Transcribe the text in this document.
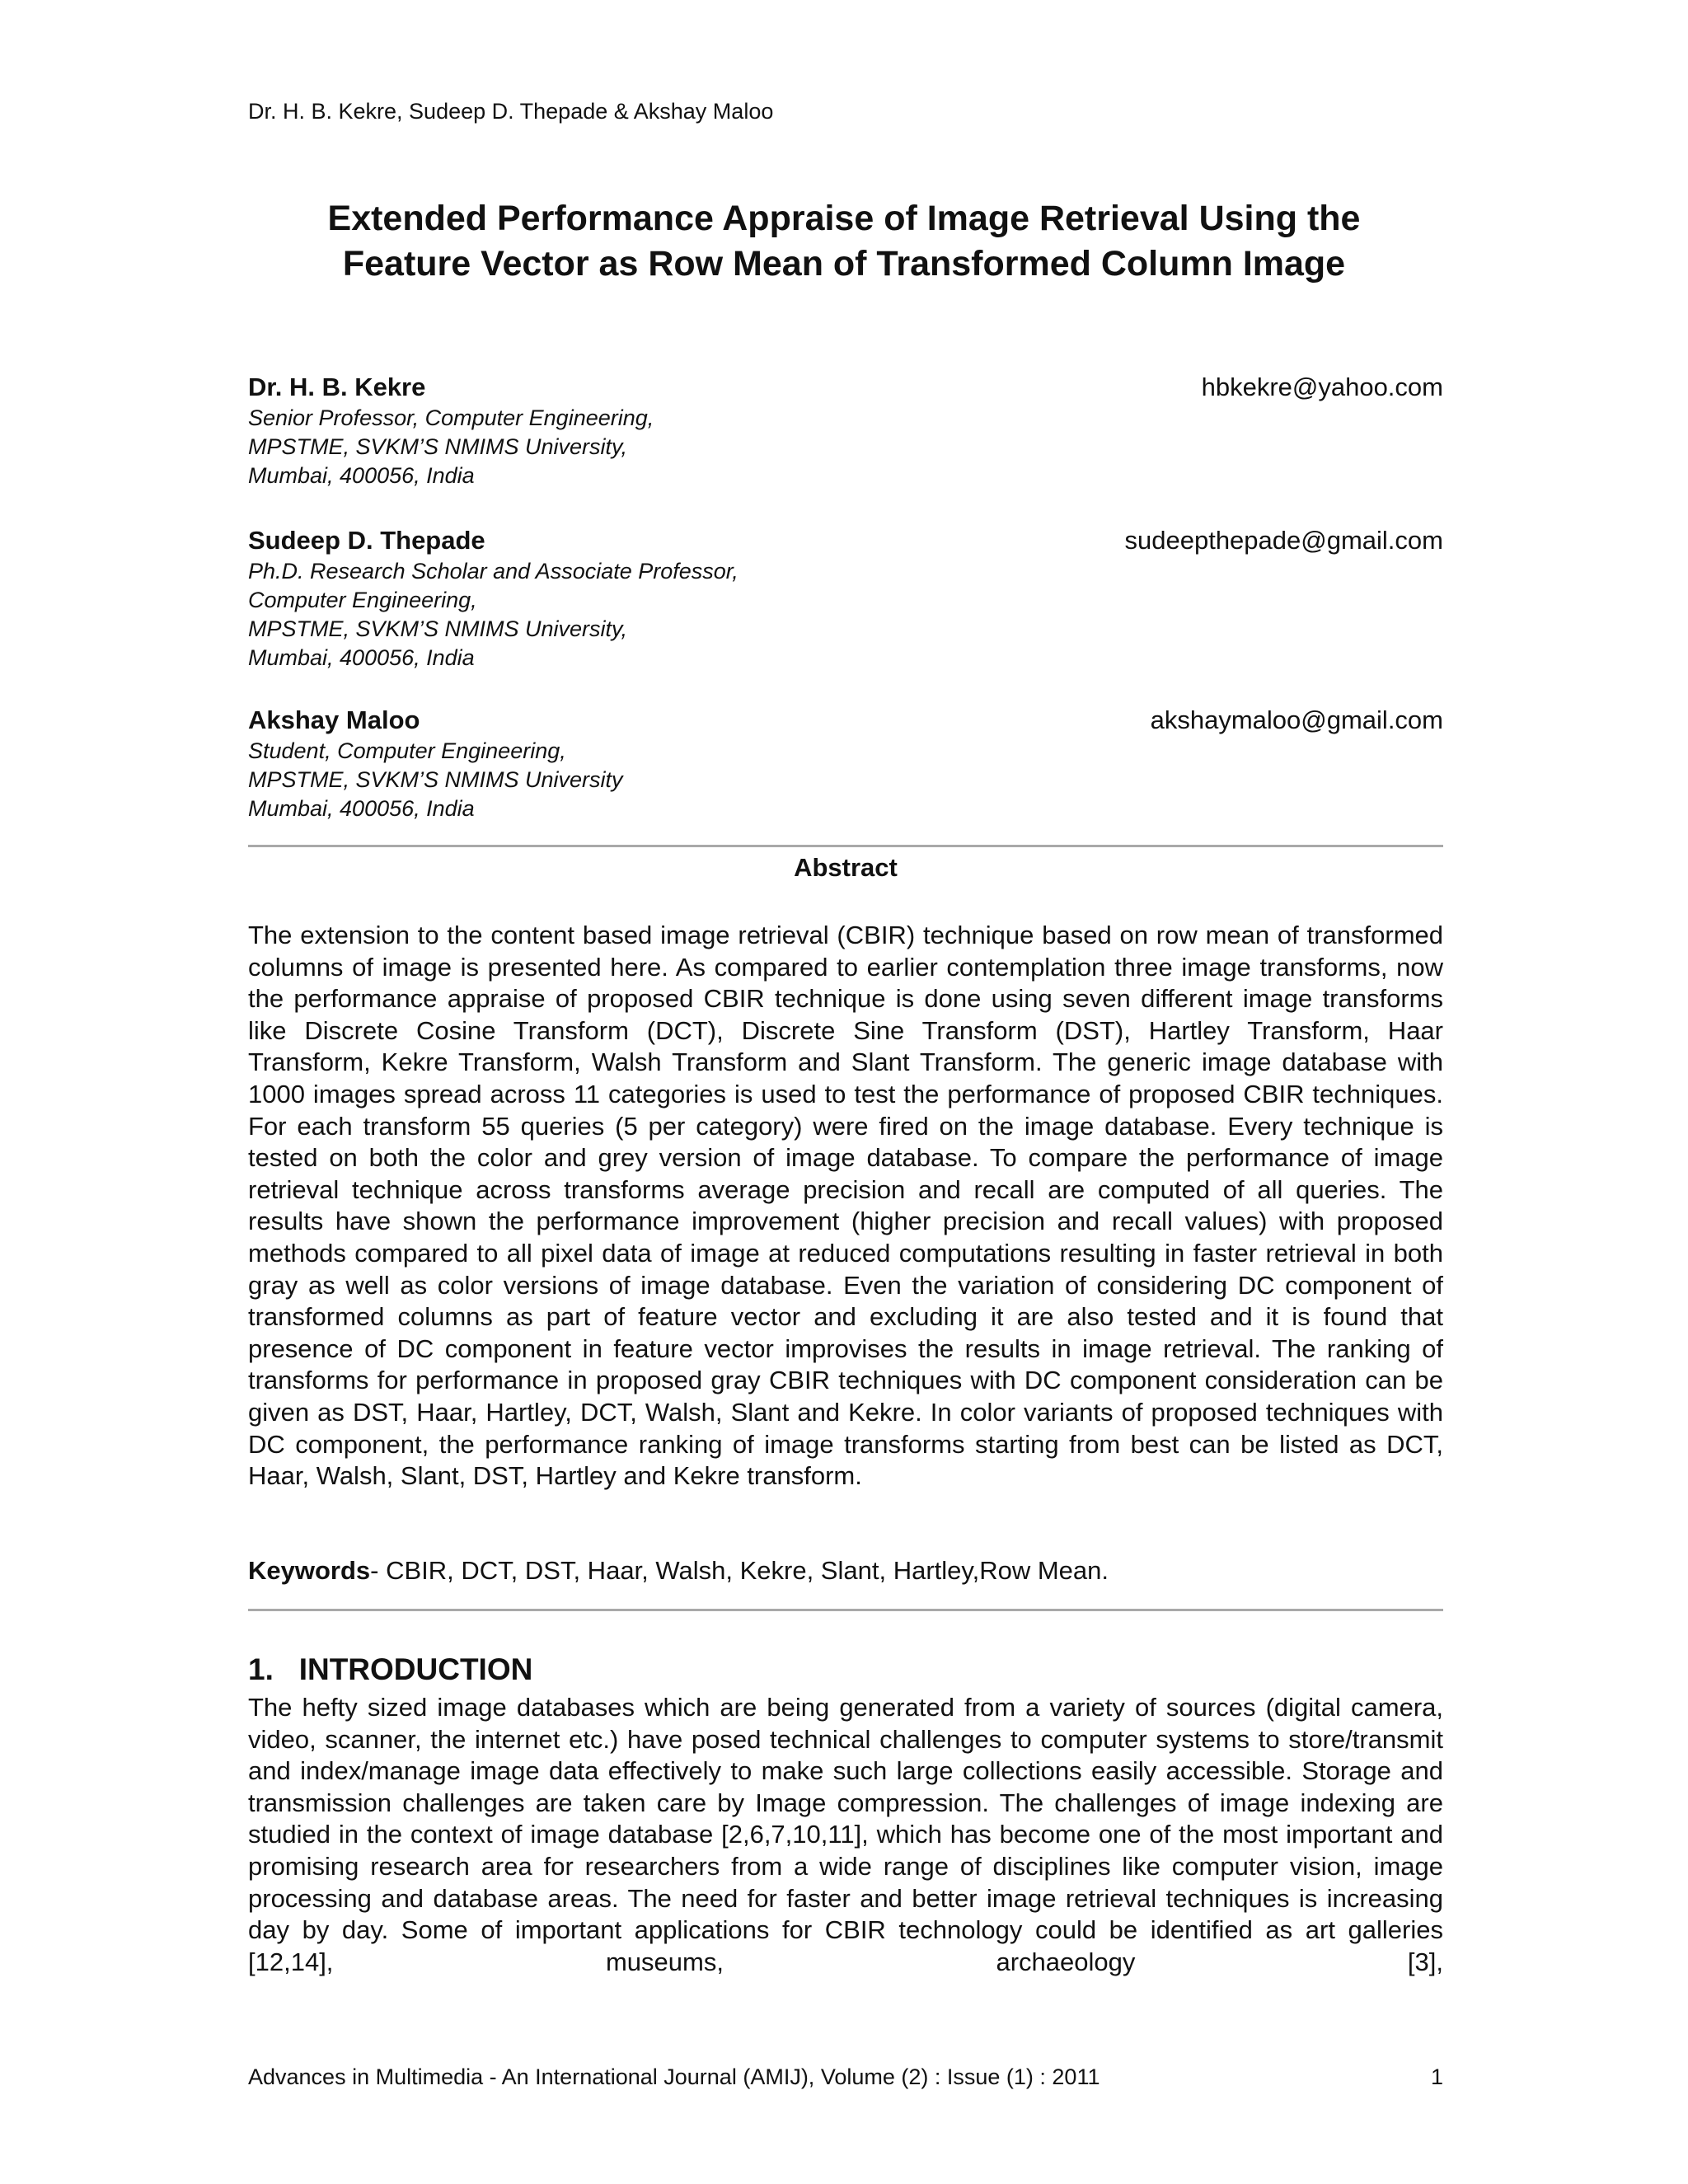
Dr. H. B. Kekre, Sudeep D. Thepade & Akshay Maloo
Extended Performance Appraise of Image Retrieval Using the
Feature Vector as Row Mean of Transformed Column Image
Dr. H. B. Kekre	hbkekre@yahoo.com
Senior Professor, Computer Engineering,
MPSTME, SVKM’S NMIMS University,
Mumbai, 400056, India
Sudeep D. Thepade	sudeepthepade@gmail.com
Ph.D. Research Scholar and Associate Professor,
Computer Engineering,
MPSTME, SVKM’S NMIMS University,
Mumbai, 400056, India
Akshay Maloo	akshaymaloo@gmail.com
Student, Computer Engineering,
MPSTME, SVKM’S NMIMS University
Mumbai, 400056, India
Abstract
The extension to the content based image retrieval (CBIR) technique based on row mean of transformed columns of image is presented here. As compared to earlier contemplation three image transforms, now the performance appraise of proposed CBIR technique is done using seven different image transforms like Discrete Cosine Transform (DCT), Discrete Sine Transform (DST), Hartley Transform, Haar Transform, Kekre Transform, Walsh Transform and Slant Transform. The generic image database with 1000 images spread across 11 categories is used to test the performance of proposed CBIR techniques. For each transform 55 queries (5 per category) were fired on the image database. Every technique is tested on both the color and grey version of image database. To compare the performance of image retrieval technique across transforms average precision and recall are computed of all queries. The results have shown the performance improvement (higher precision and recall values) with proposed methods compared to all pixel data of image at reduced computations resulting in faster retrieval in both gray as well as color versions of image database. Even the variation of considering DC component of transformed columns as part of feature vector and excluding it are also tested and it is found that presence of DC component in feature vector improvises the results in image retrieval. The ranking of transforms for performance in proposed gray CBIR techniques with DC component consideration can be given as DST, Haar, Hartley, DCT, Walsh, Slant and Kekre. In color variants of proposed techniques with DC component, the performance ranking of image transforms starting from best can be listed as DCT, Haar, Walsh, Slant, DST, Hartley and Kekre transform.
Keywords- CBIR, DCT, DST, Haar, Walsh, Kekre, Slant, Hartley,Row Mean.
1.   INTRODUCTION
The hefty sized image databases which are being generated from a variety of sources (digital camera, video, scanner, the internet etc.) have posed technical challenges to computer systems to store/transmit and index/manage image data effectively to make such large collections easily accessible. Storage and transmission challenges are taken care by Image compression. The challenges of image indexing are studied in the context of image database [2,6,7,10,11], which has become one of the most important and promising research area for researchers from a wide range of disciplines like computer vision, image processing and database areas. The need for faster and better image retrieval techniques is increasing day by day. Some of important applications for CBIR technology could be identified as art galleries [12,14], museums, archaeology [3],
Advances in Multimedia - An International Journal (AMIJ), Volume (2) : Issue (1) : 2011	1
